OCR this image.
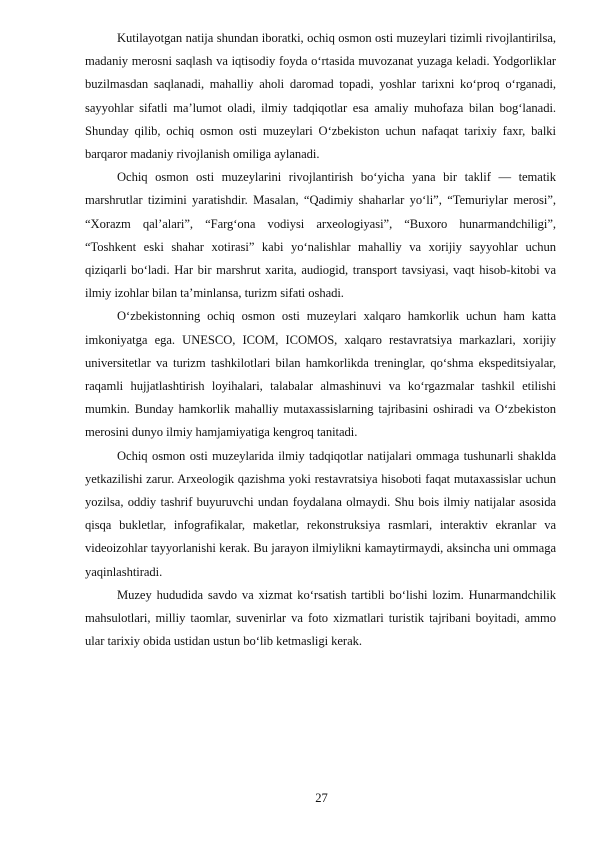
Kutilayotgan natija shundan iboratki, ochiq osmon osti muzeylari tizimli rivojlantirilsa, madaniy merosni saqlash va iqtisodiy foyda o‘rtasida muvozanat yuzaga keladi. Yodgorliklar buzilmasdan saqlanadi, mahalliy aholi daromad topadi, yoshlar tarixni ko‘proq o‘rganadi, sayyohlar sifatli ma’lumot oladi, ilmiy tadqiqotlar esa amaliy muhofaza bilan bog‘lanadi. Shunday qilib, ochiq osmon osti muzeylari O‘zbekiston uchun nafaqat tarixiy faxr, balki barqaror madaniy rivojlanish omiliga aylanadi.

Ochiq osmon osti muzeylarini rivojlantirish bo‘yicha yana bir taklif — tematik marshrutlar tizimini yaratishdir. Masalan, “Qadimiy shaharlar yo‘li”, “Temuriylar merosi”, “Xorazm qal’alari”, “Farg‘ona vodiysi arxeologiyasi”, “Buxoro hunarmandchiligi”, “Toshkent eski shahar xotirasi” kabi yo‘nalishlar mahalliy va xorijiy sayyohlar uchun qiziqarli bo‘ladi. Har bir marshrut xarita, audiogid, transport tavsiyasi, vaqt hisob-kitobi va ilmiy izohlar bilan ta’minlansa, turizm sifati oshadi.

O‘zbekistonning ochiq osmon osti muzeylari xalqaro hamkorlik uchun ham katta imkoniyatga ega. UNESCO, ICOM, ICOMOS, xalqaro restavratsiya markazlari, xorijiy universitetlar va turizm tashkilotlari bilan hamkorlikda treninglar, qo‘shma ekspeditsiyalar, raqamli hujjatlashtirish loyihalari, talabalar almashinuvi va ko‘rgazmalar tashkil etilishi mumkin. Bunday hamkorlik mahalliy mutaxassislarning tajribasini oshiradi va O‘zbekiston merosini dunyo ilmiy hamjamiyatiga kengroq tanitadi.

Ochiq osmon osti muzeylarida ilmiy tadqiqotlar natijalari ommaga tushunarli shaklda yetkazilishi zarur. Arxeologik qazishma yoki restavratsiya hisoboti faqat mutaxassislar uchun yozilsa, oddiy tashrif buyuruvchi undan foydalana olmaydi. Shu bois ilmiy natijalar asosida qisqa bukletlar, infografikalar, maketlar, rekonstruksiya rasmlari, interaktiv ekranlar va videoizohlar tayyorlanishi kerak. Bu jarayon ilmiylikni kamaytirmaydi, aksincha uni ommaga yaqinlashtiradi.

Muzey hududida savdo va xizmat ko‘rsatish tartibli bo‘lishi lozim. Hunarmandchilik mahsulotlari, milliy taomlar, suvenirlar va foto xizmatlari turistik tajribani boyitadi, ammo ular tarixiy obida ustidan ustun bo‘lib ketmasligi kerak.

27
